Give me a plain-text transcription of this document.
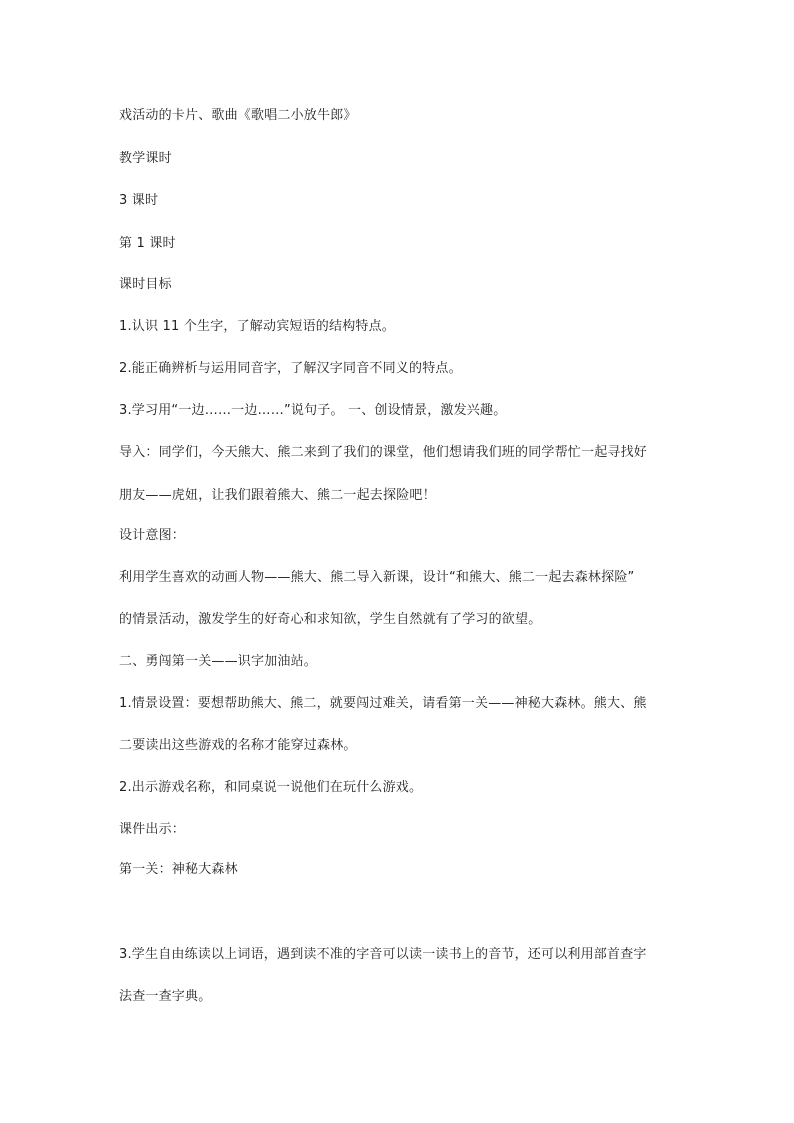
戏活动的卡片、歌曲《歌唱二小放牛郎》
教学课时
3 课时
第 1 课时
课时目标
1.认识 11 个生字，了解动宾短语的结构特点。
2.能正确辨析与运用同音字，了解汉字同音不同义的特点。
3.学习用“一边……一边……”说句子。 一、创设情景，激发兴趣。
导入：同学们，今天熊大、熊二来到了我们的课堂，他们想请我们班的同学帮忙一起寻找好
朋友——虎妞，让我们跟着熊大、熊二一起去探险吧！
设计意图：
利用学生喜欢的动画人物——熊大、熊二导入新课，设计“和熊大、熊二一起去森林探险”
的情景活动，激发学生的好奇心和求知欲，学生自然就有了学习的欲望。
二、勇闯第一关——识字加油站。
1.情景设置：要想帮助熊大、熊二，就要闯过难关，请看第一关——神秘大森林。熊大、熊
二要读出这些游戏的名称才能穿过森林。
2.出示游戏名称，和同桌说一说他们在玩什么游戏。
课件出示：
第一关：神秘大森林
3.学生自由练读以上词语，遇到读不准的字音可以读一读书上的音节，还可以利用部首查字
法查一查字典。
